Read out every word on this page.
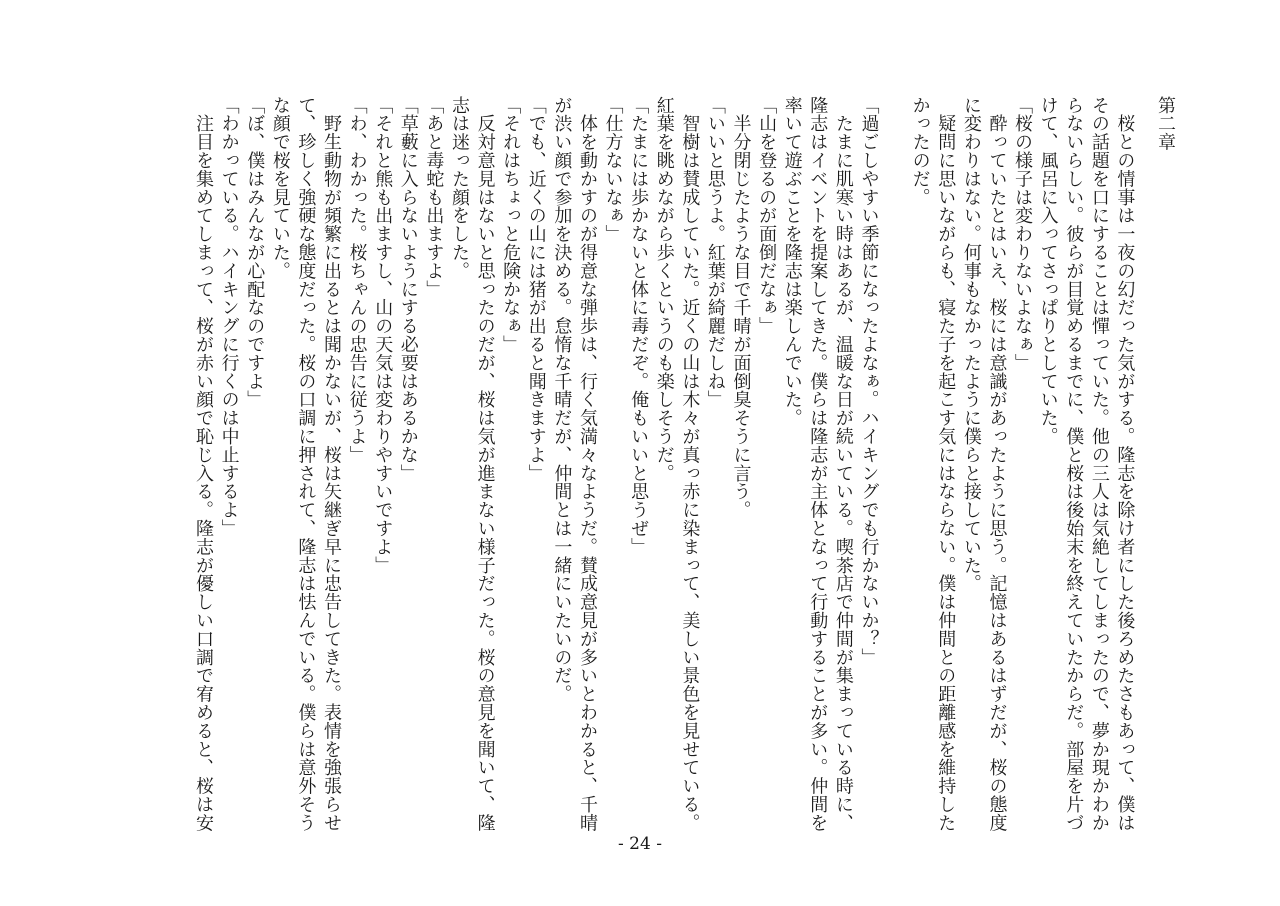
第二章
　桜との情事は一夜の幻だった気がする。隆志を除け者にした後ろめたさもあって、僕は
その話題を口にすることは憚っていた。他の三人は気絶してしまったので、夢か現かわか
らないらしい。彼らが目覚めるまでに、僕と桜は後始末を終えていたからだ。部屋を片づ
けて、風呂に入ってさっぱりとしていた。
「桜の様子は変わりないよなぁ」
　酔っていたとはいえ、桜には意識があったように思う。記憶はあるはずだが、桜の態度
に変わりはない。何事もなかったように僕らと接していた。
　疑問に思いながらも、寝た子を起こす気にはならない。僕は仲間との距離感を維持した
かったのだ。
「過ごしやすい季節になったよなぁ。ハイキングでも行かないか？」
　たまに肌寒い時はあるが、温暖な日が続いている。喫茶店で仲間が集まっている時に、
隆志はイベントを提案してきた。僕らは隆志が主体となって行動することが多い。仲間を
率いて遊ぶことを隆志は楽しんでいた。
「山を登るのが面倒だなぁ」
　半分閉じたような目で千晴が面倒臭そうに言う。
「いいと思うよ。紅葉が綺麗だしね」
　智樹は賛成していた。近くの山は木々が真っ赤に染まって、美しい景色を見せている。
紅葉を眺めながら歩くというのも楽しそうだ。
「たまには歩かないと体に毒だぞ。俺もいいと思うぜ」
「仕方ないなぁ」
　体を動かすのが得意な弾歩は、行く気満々なようだ。賛成意見が多いとわかると、千晴
が渋い顔で参加を決める。怠惰な千晴だが、仲間とは一緒にいたいのだ。
「でも、近くの山には猪が出ると聞きますよ」
「それはちょっと危険かなぁ」
　反対意見はないと思ったのだが、桜は気が進まない様子だった。桜の意見を聞いて、隆
志は迷った顔をした。
「あと毒蛇も出ますよ」
「草藪に入らないようにする必要はあるかな」
「それと熊も出ますし、山の天気は変わりやすいですよ」
「わ、わかった。桜ちゃんの忠告に従うよ」
　野生動物が頻繁に出るとは聞かないが、桜は矢継ぎ早に忠告してきた。表情を強張らせ
て、珍しく強硬な態度だった。桜の口調に押されて、隆志は怯んでいる。僕らは意外そう
な顔で桜を見ていた。
「ぼ、僕はみんなが心配なのですよ」
「わかっている。ハイキングに行くのは中止するよ」
　注目を集めてしまって、桜が赤い顔で恥じ入る。隆志が優しい口調で宥めると、桜は安
- 24 -
